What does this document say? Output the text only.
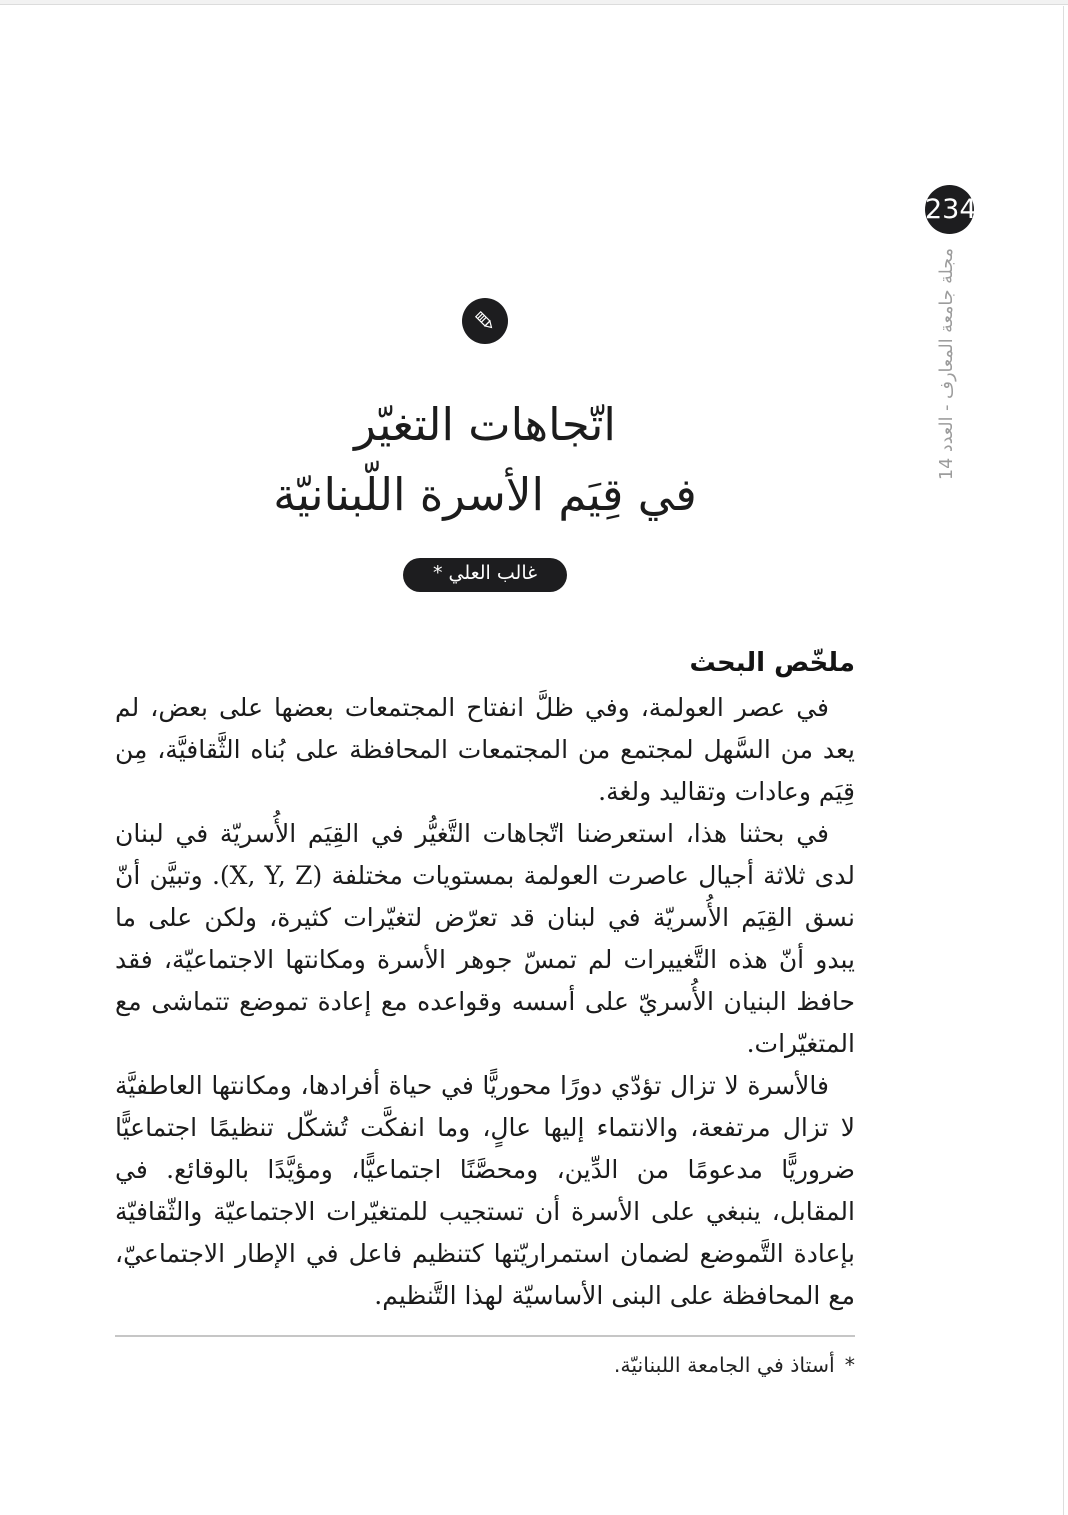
234
مجلة جامعة المعارف - العدد 14
اتّجاهات التغيّر
في قِيَم الأسرة اللّبنانيّة
غالب العلي *
ملخّص البحث

في عصر العولمة، وفي ظلَّ انفتاح المجتمعات بعضها على بعض، لم يعد من السَّهل لمجتمع من المجتمعات المحافظة على بُناه الثَّقافيَّة، مِن قِيَم وعادات وتقاليد ولغة.

في بحثنا هذا، استعرضنا اتّجاهات التَّغيُّر في القِيَم الأُسريّة في لبنان لدى ثلاثة أجيال عاصرت العولمة بمستويات مختلفة (X, Y, Z). وتبيَّن أنّ نسق القِيَم الأُسريّة في لبنان قد تعرّض لتغيّرات كثيرة، ولكن على ما يبدو أنّ هذه التَّغييرات لم تمسّ جوهر الأسرة ومكانتها الاجتماعيّة، فقد حافظ البنيان الأُسريّ على أسسه وقواعده مع إعادة تموضع تتماشى مع المتغيّرات.

فالأسرة لا تزال تؤدّي دورًا محوريًّا في حياة أفرادها، ومكانتها العاطفيَّة لا تزال مرتفعة، والانتماء إليها عالٍ، وما انفكَّت تُشكّل تنظيمًا اجتماعيًّا ضروريًّا مدعومًا من الدِّين، ومحصَّنًا اجتماعيًّا، ومؤيَّدًا بالوقائع. في المقابل، ينبغي على الأسرة أن تستجيب للمتغيّرات الاجتماعيّة والثّقافيّة بإعادة التَّموضع لضمان استمراريّتها كتنظيم فاعل في الإطار الاجتماعيّ، مع المحافظة على البنى الأساسيّة لهذا التَّنظيم.

*أستاذ في الجامعة اللبنانيّة.
